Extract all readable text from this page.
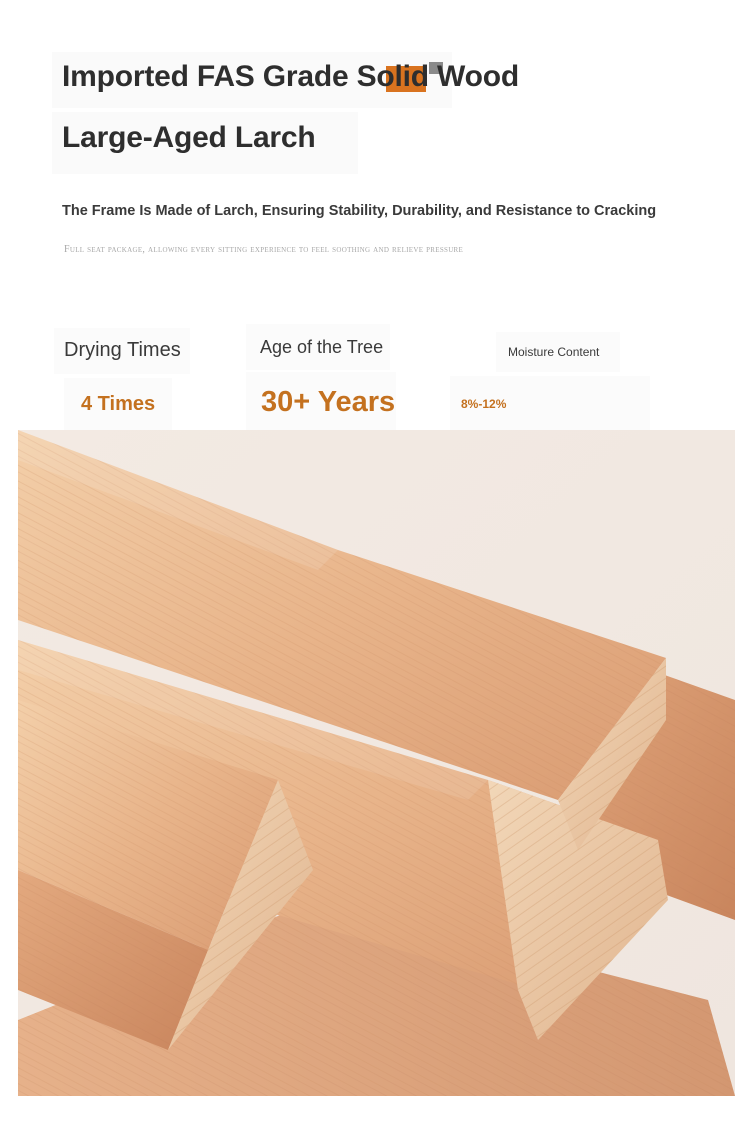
Imported FAS Grade Solid Wood
Large-Aged Larch
The Frame Is Made of Larch, Ensuring Stability, Durability, and Resistance to Cracking
Full seat package, allowing every sitting experience to feel soothing and relieve pressure
Drying Times
4 Times
Age of the Tree
30+ Years
Moisture Content
8%-12%
